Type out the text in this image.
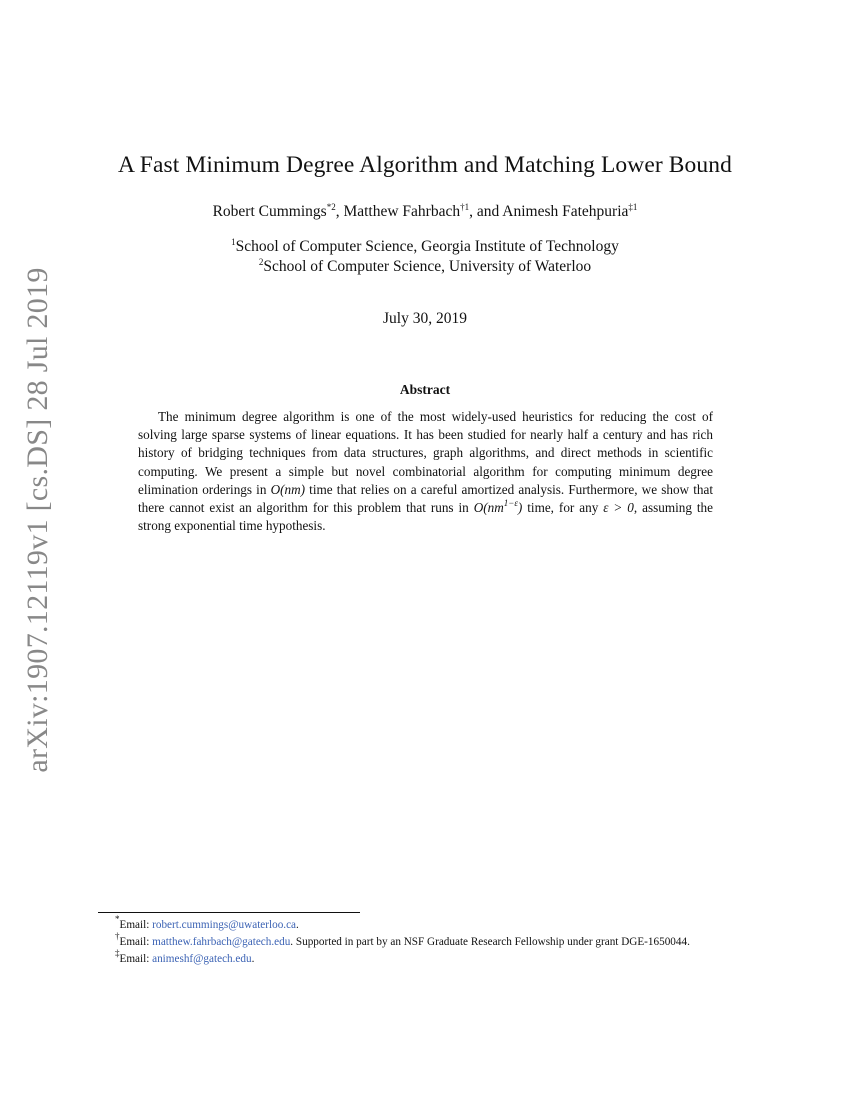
arXiv:1907.12119v1 [cs.DS] 28 Jul 2019
A Fast Minimum Degree Algorithm and Matching Lower Bound
Robert Cummings$^{*2}$, Matthew Fahrbach$^{\dagger 1}$, and Animesh Fatehpuria$^{\ddagger 1}$
$^1$School of Computer Science, Georgia Institute of Technology
$^2$School of Computer Science, University of Waterloo
July 30, 2019
Abstract

The minimum degree algorithm is one of the most widely-used heuristics for reducing the cost of solving large sparse systems of linear equations. It has been studied for nearly half a century and has rich history of bridging techniques from data structures, graph algorithms, and direct methods in scientific computing. We present a simple but novel combinatorial algorithm for computing minimum degree elimination orderings in O(nm) time that relies on a careful amortized analysis. Furthermore, we show that there cannot exist an algorithm for this problem that runs in $O(nm^{1-\varepsilon})$ time, for any ε > 0, assuming the strong exponential time hypothesis.

*Email: robert.cummings@uwaterloo.ca.
†Email: matthew.fahrbach@gatech.edu. Supported in part by an NSF Graduate Research Fellowship under grant DGE-1650044.
‡Email: animeshf@gatech.edu.
